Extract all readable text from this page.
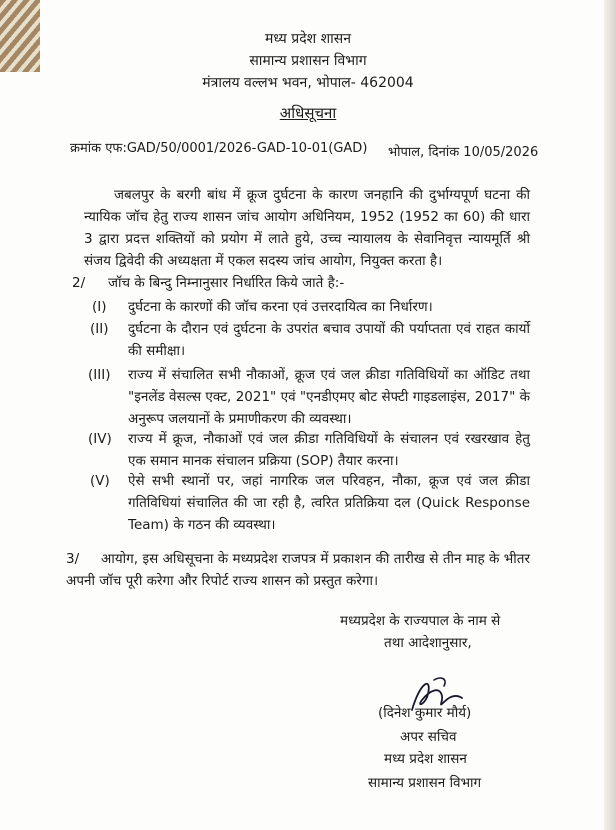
मध्य प्रदेश शासन
सामान्य प्रशासन विभाग
मंत्रालय वल्लभ भवन, भोपाल- 462004
अधिसूचना
क्रमांक एफ:GAD/50/0001/2026-GAD-10-01(GAD) भोपाल, दिनांक 10/05/2026
जबलपुर के बरगी बांध में क्रूज दुर्घटना के कारण जनहानि की दुर्भाग्यपूर्ण घटना की न्यायिक जॉच हेतु राज्य शासन जांच आयोग अधिनियम, 1952 (1952 का 60) की धारा 3 द्वारा प्रदत्त शक्तियों को प्रयोग में लाते हुये, उच्च न्यायालय के सेवानिवृत्त न्यायमूर्ति श्री संजय द्विवेदी की अध्यक्षता में एकल सदस्य जांच आयोग, नियुक्त करता है।
2/ जॉच के बिन्दु निम्नानुसार निर्धारित किये जाते है:-
(I) दुर्घटना के कारणों की जॉच करना एवं उत्तरदायित्व का निर्धारण।
(II) दुर्घटना के दौरान एवं दुर्घटना के उपरांत बचाव उपायों की पर्याप्तता एवं राहत कार्यो की समीक्षा।
(III) राज्य में संचालित सभी नौकाओं, क्रूज एवं जल क्रीडा गतिविधियों का ऑडिट तथा "इनलेंड वेसल्स एक्ट, 2021" एवं "एनडीएमए बोट सेफ्टी गाइडलाइंस, 2017" के अनुरूप जलयानों के प्रमाणीकरण की व्यवस्था।
(IV) राज्य में क्रूज, नौकाओं एवं जल क्रीडा गतिविधियों के संचालन एवं रखरखाव हेतु एक समान मानक संचालन प्रक्रिया (SOP) तैयार करना।
(V) ऐसे सभी स्थानों पर, जहां नागरिक जल परिवहन, नौका, क्रूज एवं जल क्रीडा गतिविधियां संचालित की जा रही है, त्वरित प्रतिक्रिया दल (Quick Response Team) के गठन की व्यवस्था।
3/ आयोग, इस अधिसूचना के मध्यप्रदेश राजपत्र में प्रकाशन की तारीख से तीन माह के भीतर अपनी जॉच पूरी करेगा और रिपोर्ट राज्य शासन को प्रस्तुत करेगा।
मध्यप्रदेश के राज्यपाल के नाम से
तथा आदेशानुसार,
(दिनेश कुमार मौर्य)
अपर सचिव
मध्य प्रदेश शासन
सामान्य प्रशासन विभाग
